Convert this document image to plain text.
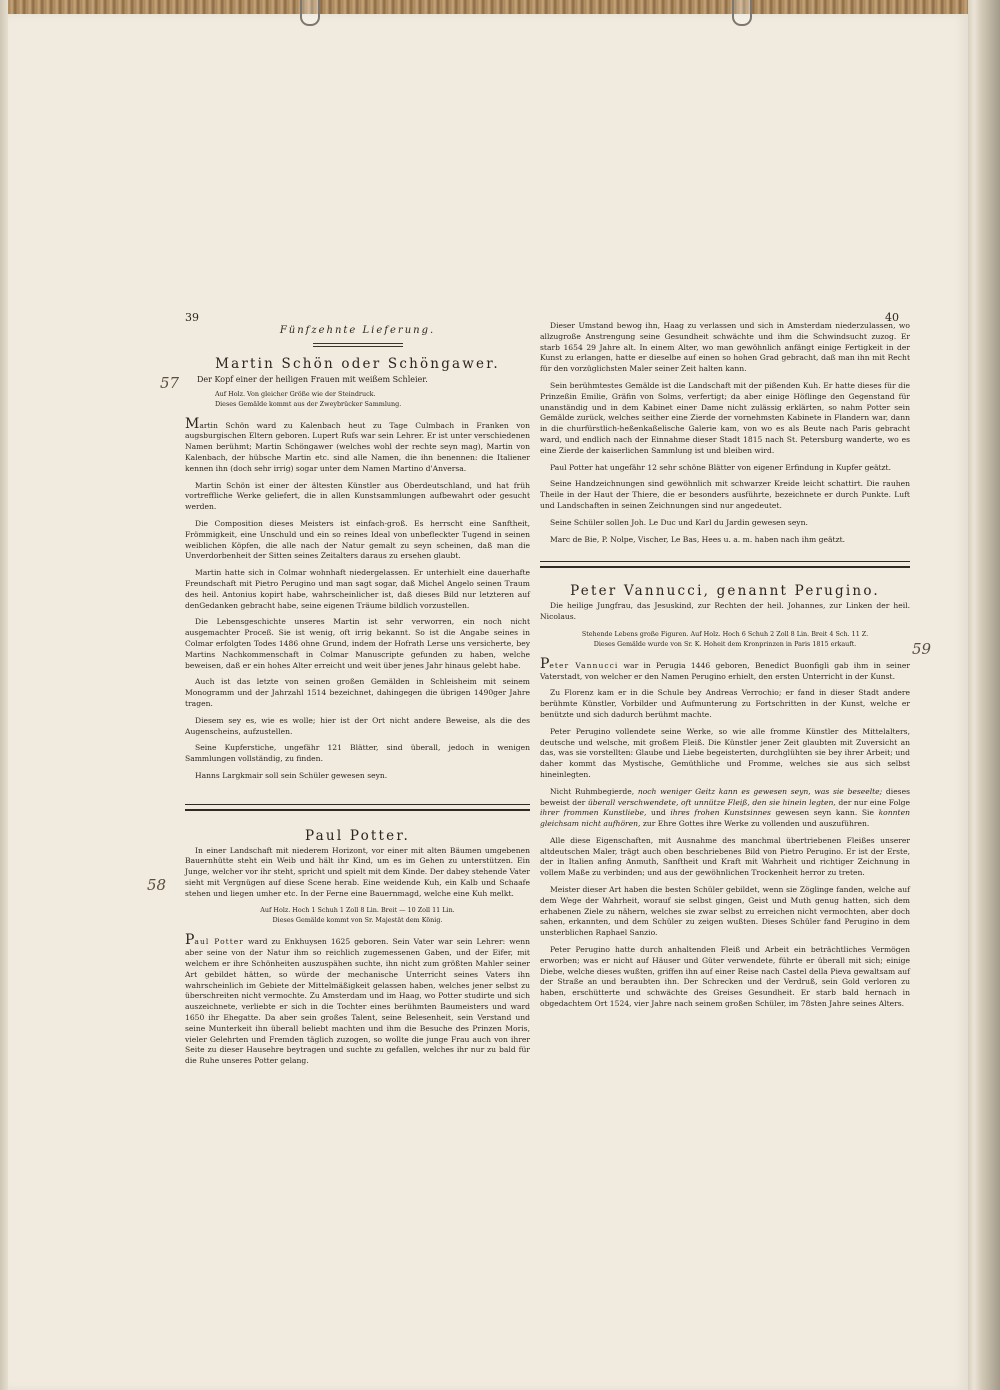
39	40
57
58
59
Fünfzehnte Lieferung.
Martin Schön oder Schöngawer.
Der Kopf einer der heiligen Frauen mit weißem Schleier.
Auf Holz. Von gleicher Größe wie der Steindruck.
Dieses Gemälde kommt aus der Zweybrücker Sammlung.

Martin Schön ward zu Kalenbach heut zu Tage Culmbach in Franken von augsburgischen Eltern geboren. Lupert Rufs war sein Lehrer. Er ist unter verschiedenen Namen berühmt; Martin Schöngawer (welches wohl der rechte seyn mag), Martin von Kalenbach, der hübsche Martin etc. sind alle Namen, die ihn benennen: die Italiener kennen ihn (doch sehr irrig) sogar unter dem Namen Martino d'Anversa.

Martin Schön ist einer der ältesten Künstler aus Oberdeutschland, und hat früh vortreffliche Werke geliefert, die in allen Kunstsammlungen aufbewahrt oder gesucht werden.

Die Composition dieses Meisters ist einfach-groß. Es herrscht eine Sanftheit, Frömmigkeit, eine Unschuld und ein so reines Ideal von unbefleckter Tugend in seinen weiblichen Köpfen, die alle nach der Natur gemalt zu seyn scheinen, daß man die Unverdorbenheit der Sitten seines Zeitalters daraus zu ersehen glaubt.

Martin hatte sich in Colmar wohnhaft niedergelassen. Er unterhielt eine dauerhafte Freundschaft mit Pietro Perugino und man sagt sogar, daß Michel Angelo seinen Traum des heil. Antonius kopirt habe, wahrscheinlicher ist, daß dieses Bild nur letzteren auf denGedanken gebracht habe, seine eigenen Träume bildlich vorzustellen.

Die Lebensgeschichte unseres Martin ist sehr verworren, ein noch nicht ausgemachter Proceß. Sie ist wenig, oft irrig bekannt. So ist die Angabe seines in Colmar erfolgten Todes 1486 ohne Grund, indem der Hofrath Lerse uns versicherte, bey Martins Nachkommenschaft in Colmar Manuscripte gefunden zu haben, welche beweisen, daß er ein hohes Alter erreicht und weit über jenes Jahr hinaus gelebt habe.

Auch ist das letzte von seinen großen Gemälden in Schleisheim mit seinem Monogramm und der Jahrzahl 1514 bezeichnet, dahingegen die übrigen 1490ger Jahre tragen.

Diesem sey es, wie es wolle; hier ist der Ort nicht andere Beweise, als die des Augenscheins, aufzustellen.

Seine Kupferstiche, ungefähr 121 Blätter, sind überall, jedoch in wenigen Sammlungen vollständig, zu finden.

Hanns Largkmair soll sein Schüler gewesen seyn.

Paul Potter.

In einer Landschaft mit niederem Horizont, vor einer mit alten Bäumen umgebenen Bauernhütte steht ein Weib und hält ihr Kind, um es im Gehen zu unterstützen. Ein Junge, welcher vor ihr steht, spricht und spielt mit dem Kinde. Der dabey stehende Vater sieht mit Vergnügen auf diese Scene herab. Eine weidende Kuh, ein Kalb und Schaafe stehen und liegen umher etc. In der Ferne eine Bauernmagd, welche eine Kuh melkt.

Auf Holz. Hoch 1 Schuh 1 Zoll 8 Lin. Breit — 10 Zoll 11 Lin.
Dieses Gemälde kommt von Sr. Majestät dem König.

Paul Potter ward zu Enkhuysen 1625 geboren. Sein Vater war sein Lehrer: wenn aber seine von der Natur ihm so reichlich zugemessenen Gaben, und der Eifer, mit welchem er ihre Schönheiten auszuspähen suchte, ihn nicht zum größten Mahler seiner Art gebildet hätten, so würde der mechanische Unterricht seines Vaters ihn wahrscheinlich im Gebiete der Mittelmäßigkeit gelassen haben, welches jener selbst zu überschreiten nicht vermochte. Zu Amsterdam und im Haag, wo Potter studirte und sich auszeichnete, verliebte er sich in die Tochter eines berühmten Baumeisters und ward 1650 ihr Ehegatte. Da aber sein großes Talent, seine Belesenheit, sein Verstand und seine Munterkeit ihn überall beliebt machten und ihm die Besuche des Prinzen Moris, vieler Gelehrten und Fremden täglich zuzogen, so wollte die junge Frau auch von ihrer Seite zu dieser Hausehre beytragen und suchte zu gefallen, welches ihr nur zu bald für die Ruhe unseres Potter gelang.

Dieser Umstand bewog ihn, Haag zu verlassen und sich in Amsterdam niederzulassen, wo allzugroße Anstrengung seine Gesundheit schwächte und ihm die Schwindsucht zuzog. Er starb 1654 29 Jahre alt. In einem Alter, wo man gewöhnlich anfängt einige Fertigkeit in der Kunst zu erlangen, hatte er dieselbe auf einen so hohen Grad gebracht, daß man ihn mit Recht für den vorzüglichsten Maler seiner Zeit halten kann.

Sein berühmtestes Gemälde ist die Landschaft mit der pißenden Kuh. Er hatte dieses für die Prinzeßin Emilie, Gräfin von Solms, verfertigt; da aber einige Höflinge den Gegenstand für unanständig und in dem Kabinet einer Dame nicht zulässig erklärten, so nahm Potter sein Gemälde zurück, welches seither eine Zierde der vornehmsten Kabinete in Flandern war, dann in die churfürstlich-heßenkaßelische Galerie kam, von wo es als Beute nach Paris gebracht ward, und endlich nach der Einnahme dieser Stadt 1815 nach St. Petersburg wanderte, wo es eine Zierde der kaiserlichen Sammlung ist und bleiben wird.

Paul Potter hat ungefähr 12 sehr schöne Blätter von eigener Erfindung in Kupfer geätzt.

Seine Handzeichnungen sind gewöhnlich mit schwarzer Kreide leicht schattirt. Die rauhen Theile in der Haut der Thiere, die er besonders ausführte, bezeichnete er durch Punkte. Luft und Landschaften in seinen Zeichnungen sind nur angedeutet.

Seine Schüler sollen Joh. Le Duc und Karl du Jardin gewesen seyn.

Marc de Bie, P. Nolpe, Vischer, Le Bas, Hees u. a. m. haben nach ihm geätzt.

Peter Vannucci, genannt Perugino.

Die heilige Jungfrau, das Jesuskind, zur Rechten der heil. Johannes, zur Linken der heil. Nicolaus.

Stehende Lebens große Figuren. Auf Holz. Hoch 6 Schuh 2 Zoll 8 Lin. Breit 4 Sch. 11 Z.
Dieses Gemälde wurde von Sr. K. Hoheit dem Kronprinzen in Paris 1815 erkauft.

Peter Vannucci war in Perugia 1446 geboren, Benedict Buonfigli gab ihm in seiner Vaterstadt, von welcher er den Namen Perugino erhielt, den ersten Unterricht in der Kunst.

Zu Florenz kam er in die Schule bey Andreas Verrochio; er fand in dieser Stadt andere berühmte Künstler, Vorbilder und Aufmunterung zu Fortschritten in der Kunst, welche er benützte und sich dadurch berühmt machte.

Peter Perugino vollendete seine Werke, so wie alle fromme Künstler des Mittelalters, deutsche und welsche, mit großem Fleiß. Die Künstler jener Zeit glaubten mit Zuversicht an das, was sie vorstellten: Glaube und Liebe begeisterten, durchglühten sie bey ihrer Arbeit; und daher kommt das Mystische, Gemüthliche und Fromme, welches sie aus sich selbst hineinlegten.

Nicht Ruhmbegierde, noch weniger Geitz kann es gewesen seyn, was sie beseelte; dieses beweist der überall verschwendete, oft unnütze Fleiß, den sie hinein legten, der nur eine Folge ihrer frommen Kunstliebe, und ihres frohen Kunstsinnes gewesen seyn kann. Sie konnten gleichsam nicht aufhören, zur Ehre Gottes ihre Werke zu vollenden und auszuführen.

Alle diese Eigenschaften, mit Ausnahme des manchmal übertriebenen Fleißes unserer altdeutschen Maler, trägt auch oben beschriebenes Bild von Pietro Perugino. Er ist der Erste, der in Italien anfing Anmuth, Sanftheit und Kraft mit Wahrheit und richtiger Zeichnung in vollem Maße zu verbinden; und aus der gewöhnlichen Trockenheit herror zu treten.

Meister dieser Art haben die besten Schüler gebildet, wenn sie Zöglinge fanden, welche auf dem Wege der Wahrheit, worauf sie selbst gingen, Geist und Muth genug hatten, sich dem erhabenen Ziele zu nähern, welches sie zwar selbst zu erreichen nicht vermochten, aber doch sahen, erkannten, und dem Schüler zu zeigen wußten. Dieses Schüler fand Perugino in dem unsterblichen Raphael Sanzio.

Peter Perugino hatte durch anhaltenden Fleiß und Arbeit ein beträchtliches Vermögen erworben; was er nicht auf Häuser und Güter verwendete, führte er überall mit sich; einige Diebe, welche dieses wußten, griffen ihn auf einer Reise nach Castel della Pieva gewaltsam auf der Straße an und beraubten ihn. Der Schrecken und der Verdruß, sein Gold verloren zu haben, erschütterte und schwächte des Greises Gesundheit. Er starb bald hernach in obgedachtem Ort 1524, vier Jahre nach seinem großen Schüler, im 78sten Jahre seines Alters.
